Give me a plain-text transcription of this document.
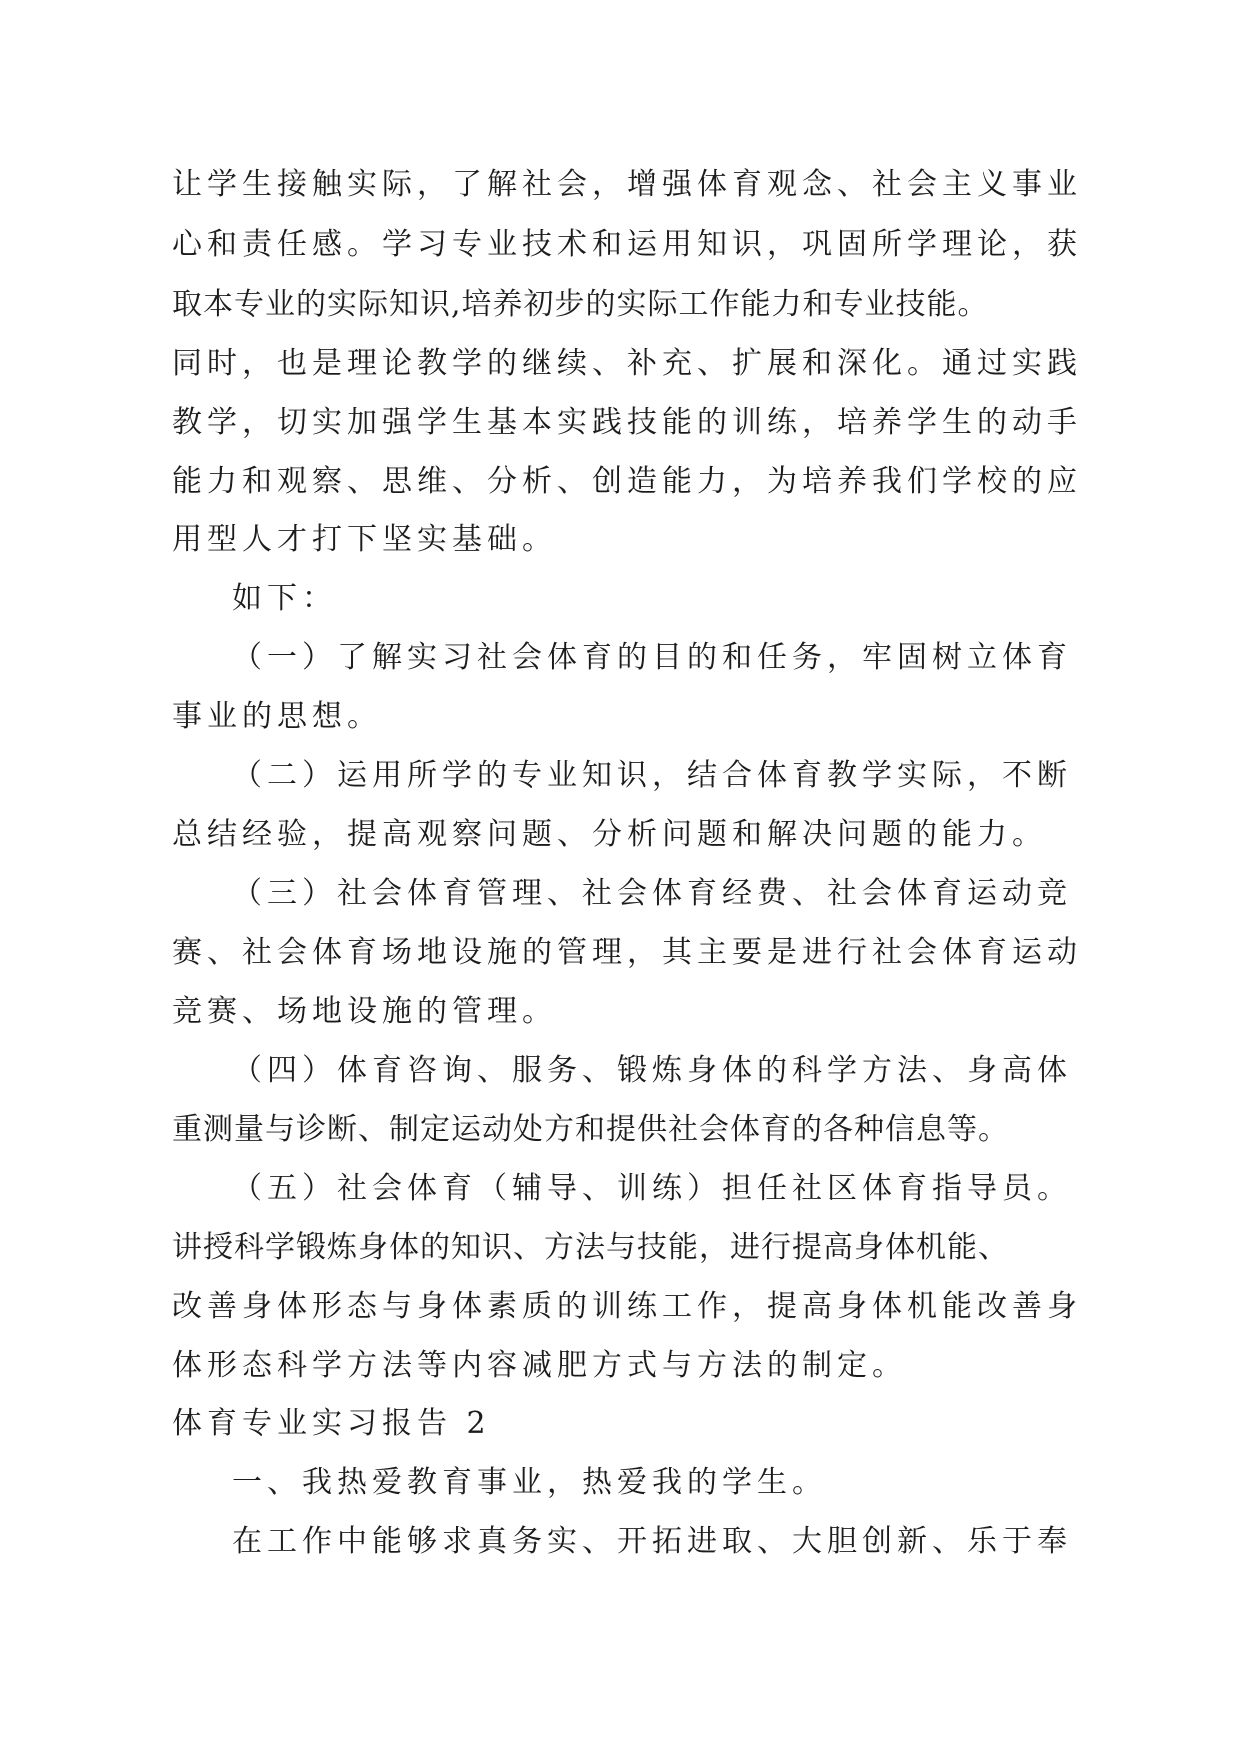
让学生接触实际，了解社会，增强体育观念、社会主义事业
心和责任感。学习专业技术和运用知识，巩固所学理论，获
取本专业的实际知识,培养初步的实际工作能力和专业技能。
同时，也是理论教学的继续、补充、扩展和深化。通过实践
教学，切实加强学生基本实践技能的训练，培养学生的动手
能力和观察、思维、分析、创造能力，为培养我们学校的应
用型人才打下坚实基础。
如下：
（一）了解实习社会体育的目的和任务，牢固树立体育
事业的思想。
（二）运用所学的专业知识，结合体育教学实际，不断
总结经验，提高观察问题、分析问题和解决问题的能力。
（三）社会体育管理、社会体育经费、社会体育运动竞
赛、社会体育场地设施的管理，其主要是进行社会体育运动
竞赛、场地设施的管理。
（四）体育咨询、服务、锻炼身体的科学方法、身高体
重测量与诊断、制定运动处方和提供社会体育的各种信息等。
（五）社会体育（辅导、训练）担任社区体育指导员。
讲授科学锻炼身体的知识、方法与技能，进行提高身体机能、
改善身体形态与身体素质的训练工作，提高身体机能改善身
体形态科学方法等内容减肥方式与方法的制定。
体育专业实习报告 2
一、我热爱教育事业，热爱我的学生。
在工作中能够求真务实、开拓进取、大胆创新、乐于奉
